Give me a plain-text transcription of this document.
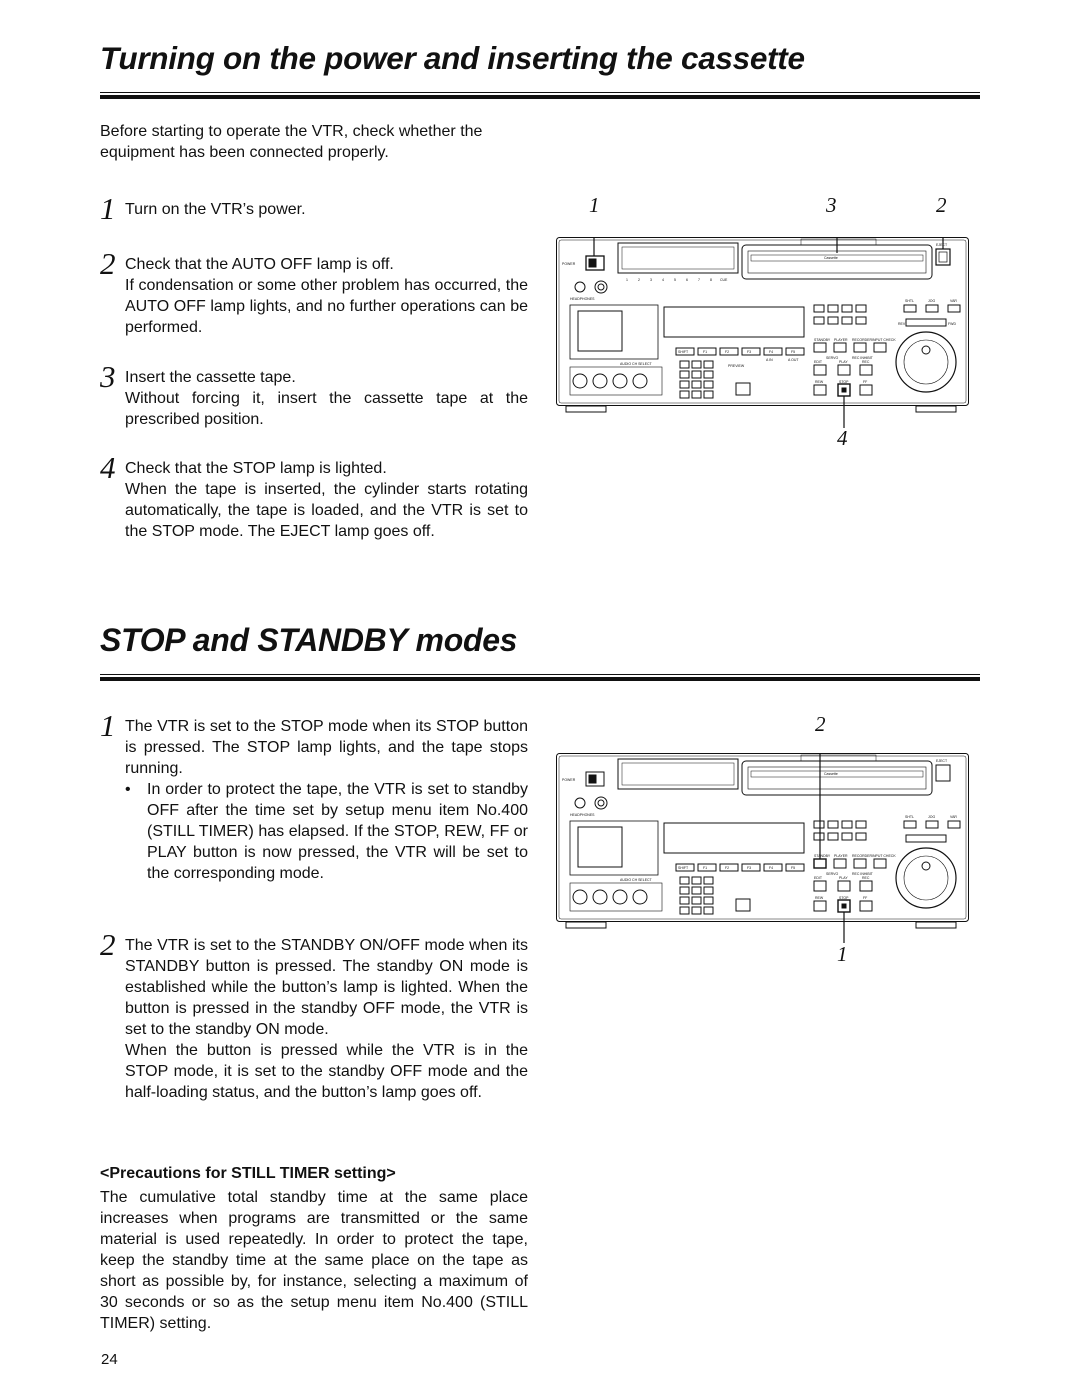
Turning on the power and inserting the cassette

Before starting to operate the VTR, check whether the equipment has been connected properly.

1 Turn on the VTR’s power.

2 Check that the AUTO OFF lamp is off.

If condensation or some other problem has occurred, the AUTO OFF lamp lights, and no further operations can be performed.

3 Insert the cassette tape.

Without forcing it, insert the cassette tape at the prescribed position.

4 Check that the STOP lamp is lighted.

When the tape is inserted, the cylinder starts rotating automatically, the tape is loaded, and the VTR is set to the STOP mode. The EJECT lamp goes off.

1	3	2
4
POWER
HEADPHONES
EJECT
Cassette
1	2	3	4	5	6	7	8 CUE
AUDIO CH SELECT
SHIFT	F1	F2	F3	F4	F5
STANDBY PLAYER RECORDER INPUT CHECK
SERVO	REC INHIBIT
EDIT	PLAY	REC
REW	STOP	FF
PREVIEW
A IN	A OUT
SHTL	JOG	VAR
REV	FWD
STOP and STANDBY modes
1 The VTR is set to the STOP mode when its STOP button is pressed. The STOP lamp lights, and the tape stops running.

•	In order to protect the tape, the VTR is set to standby OFF after the time set by setup menu item No.400 (STILL TIMER) has elapsed. If the STOP, REW, FF or PLAY button is now pressed, the VTR will be set to the corresponding mode.

2 The VTR is set to the STANDBY ON/OFF mode when its STANDBY button is pressed. The standby ON mode is established while the button’s lamp is lighted. When the button is pressed in the standby OFF mode, the VTR is set to the standby ON mode.

When the button is pressed while the VTR is in the STOP mode, it is set to the standby OFF mode and the half-loading status, and the button’s lamp goes off.

<Precautions for STILL TIMER setting>

The cumulative total standby time at the same place increases when programs are transmitted or the same material is used repeatedly. In order to protect the tape, keep the standby time at the same place on the tape as short as possible by, for instance, selecting a maximum of 30 seconds or so as the setup menu item No.400 (STILL TIMER) setting.

2
1
POWER
HEADPHONES
EJECT
Cassette
AUDIO CH SELECT
SHIFT	F1	F2	F3	F4	F5
STANDBY PLAYER RECORDER INPUT CHECK
SERVO	REC INHIBIT
EDIT	PLAY	REC
REW	STOP	FF
SHTL	JOG	VAR
24
